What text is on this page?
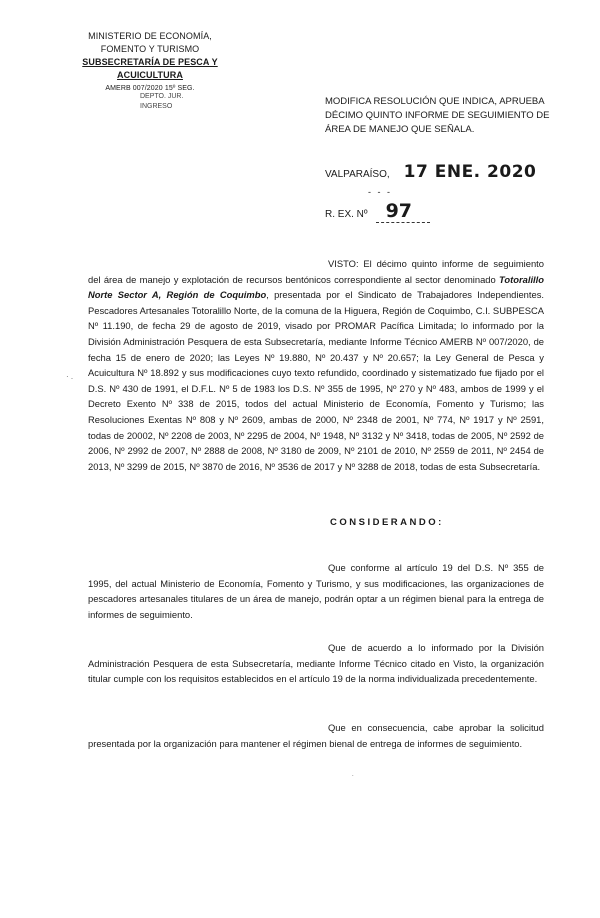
MINISTERIO DE ECONOMÍA,
FOMENTO Y TURISMO
SUBSECRETARÍA DE PESCA Y ACUICULTURA
AMERB 007/2020 15º SEG.
DEPTO. JUR.
INGRESO	MODIFICA RESOLUCIÓN QUE INDICA, APRUEBA DÉCIMO QUINTO INFORME DE SEGUIMIENTO DE ÁREA DE MANEJO QUE SEÑALA.
VALPARAÍSO, 17 ENE. 2020
- - -
R. EX. Nº 97
· .
VISTO: El décimo quinto informe de seguimiento del área de manejo y explotación de recursos bentónicos correspondiente al sector denominado Totoralillo Norte Sector A, Región de Coquimbo, presentada por el Sindicato de Trabajadores Independientes. Pescadores Artesanales Totoralillo Norte, de la comuna de la Higuera, Región de Coquimbo, C.I. SUBPESCA Nº 11.190, de fecha 29 de agosto de 2019, visado por PROMAR Pacífica Limitada; lo informado por la División Administración Pesquera de esta Subsecretaría, mediante Informe Técnico AMERB Nº 007/2020, de fecha 15 de enero de 2020; las Leyes Nº 19.880, Nº 20.437 y Nº 20.657; la Ley General de Pesca y Acuicultura Nº 18.892 y sus modificaciones cuyo texto refundido, coordinado y sistematizado fue fijado por el D.S. Nº 430 de 1991, el D.F.L. Nº 5 de 1983 los D.S. Nº 355 de 1995, Nº 270 y Nº 483, ambos de 1999 y el Decreto Exento Nº 338 de 2015, todos del actual Ministerio de Economía, Fomento y Turismo; las Resoluciones Exentas Nº 808 y Nº 2609, ambas de 2000, Nº 2348 de 2001, Nº 774, Nº 1917 y Nº 2591, todas de 20002, Nº 2208 de 2003, Nº 2295 de 2004, Nº 1948, Nº 3132 y Nº 3418, todas de 2005, Nº 2592 de 2006, Nº 2992 de 2007, Nº 2888 de 2008, Nº 3180 de 2009, Nº 2101 de 2010, Nº 2559 de 2011, Nº 2454 de 2013, Nº 3299 de 2015, Nº 3870 de 2016, Nº 3536 de 2017 y Nº 3288 de 2018, todas de esta Subsecretaría.
CONSIDERANDO:
Que conforme al artículo 19 del D.S. Nº 355 de 1995, del actual Ministerio de Economía, Fomento y Turismo, y sus modificaciones, las organizaciones de pescadores artesanales titulares de un área de manejo, podrán optar a un régimen bienal para la entrega de informes de seguimiento.
Que de acuerdo a lo informado por la División Administración Pesquera de esta Subsecretaría, mediante Informe Técnico citado en Visto, la organización titular cumple con los requisitos establecidos en el artículo 19 de la norma individualizada precedentemente.
Que en consecuencia, cabe aprobar la solicitud presentada por la organización para mantener el régimen bienal de entrega de informes de seguimiento.
.
